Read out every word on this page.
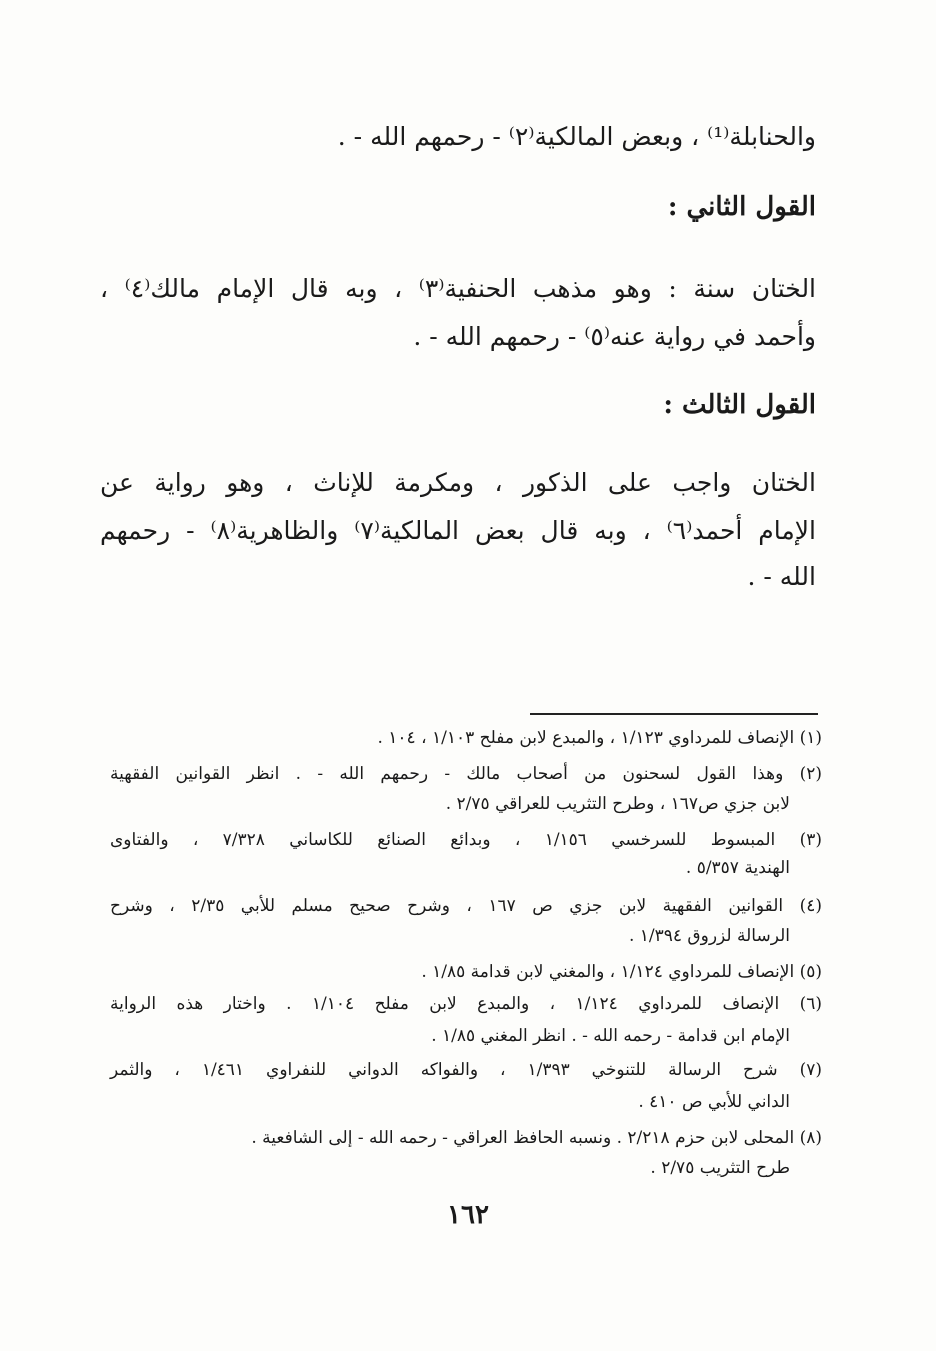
والحنابلة⁽¹⁾ ، وبعض المالكية⁽٢⁾ - رحمهم الله - .
القول الثاني :
الختان سنة : وهو مذهب الحنفية⁽٣⁾ ، وبه قال الإمام مالك⁽٤⁾ ،
وأحمد في رواية عنه⁽٥⁾ - رحمهم الله - .
القول الثالث :
الختان واجب على الذكور ، ومكرمة للإناث ، وهو رواية عن
الإمام أحمد⁽٦⁾ ، وبه قال بعض المالكية⁽٧⁾ والظاهرية⁽٨⁾ - رحمهم
الله - .
(١) الإنصاف للمرداوي ١/١٢٣ ، والمبدع لابن مفلح ١/١٠٣ ، ١٠٤ .
(٢) وهذا القول لسحنون من أصحاب مالك - رحمهم الله - . انظر القوانين الفقهية
لابن جزي ص١٦٧ ، وطرح التثريب للعراقي ٢/٧٥ .
(٣) المبسوط للسرخسي ١/١٥٦ ، وبدائع الصنائع للكاساني ٧/٣٢٨ ، والفتاوى
الهندية ٥/٣٥٧ .
(٤) القوانين الفقهية لابن جزي ص ١٦٧ ، وشرح صحيح مسلم للأبي ٢/٣٥ ، وشرح
الرسالة لزروق ١/٣٩٤ .
(٥) الإنصاف للمرداوي ١/١٢٤ ، والمغني لابن قدامة ١/٨٥ .
(٦) الإنصاف للمرداوي ١/١٢٤ ، والمبدع لابن مفلح ١/١٠٤ . واختار هذه الرواية
الإمام ابن قدامة - رحمه الله - . انظر المغني ١/٨٥ .
(٧) شرح الرسالة للتنوخي ١/٣٩٣ ، والفواكه الدواني للنفراوي ١/٤٦١ ، والثمر
الداني للأبي ص ٤١٠ .
(٨) المحلى لابن حزم ٢/٢١٨ . ونسبه الحافظ العراقي - رحمه الله - إلى الشافعية .
طرح التثريب ٢/٧٥ .
١٦٢
